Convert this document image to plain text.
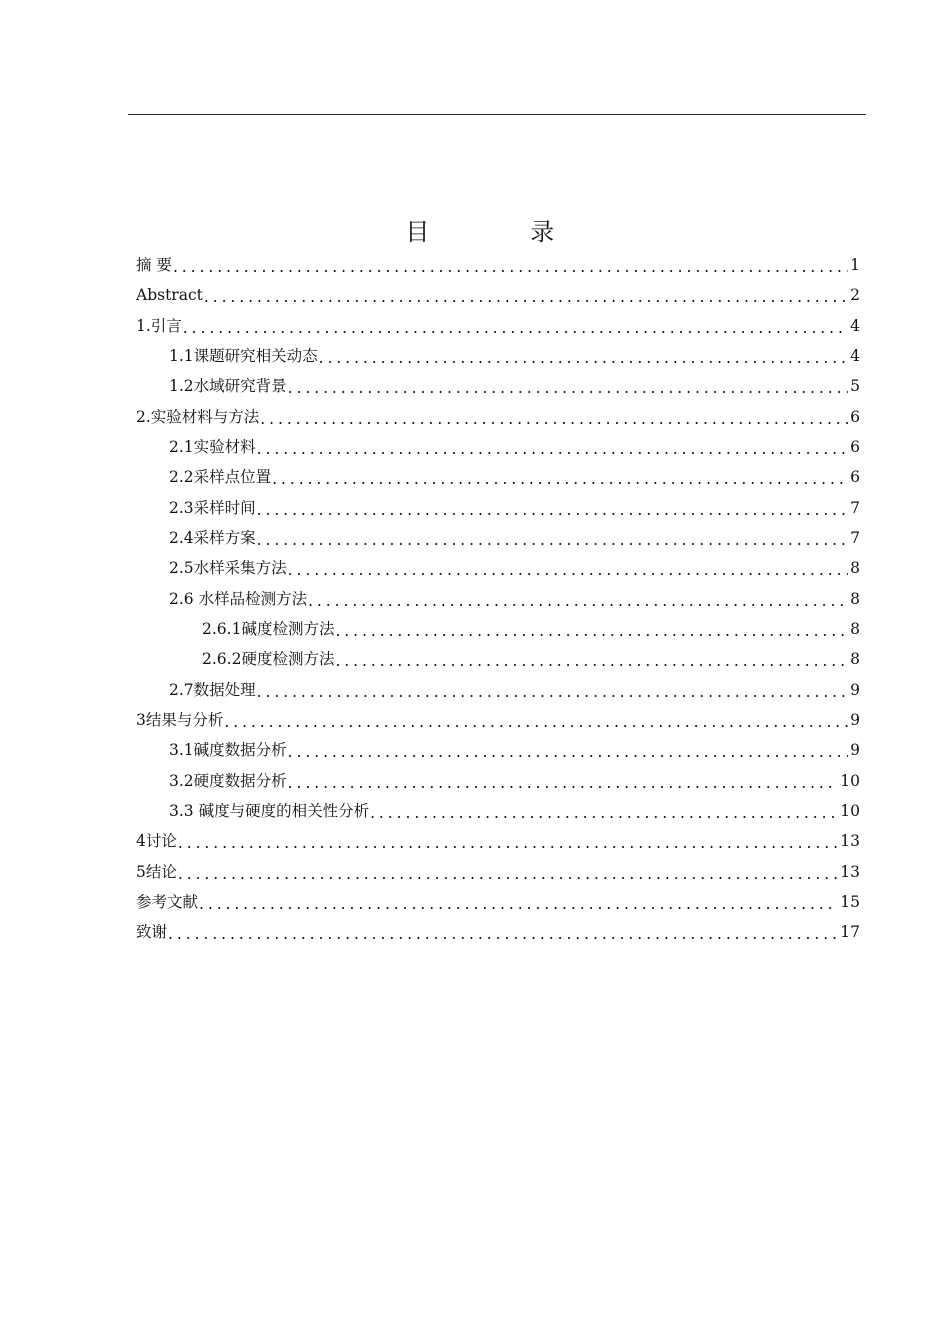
目　录
摘 要 . . .	1
Abstract . . .	2
1.引言 . . .	4
1.1课题研究相关动态 . . .	4
1.2水域研究背景 . . .	5
2.实验材料与方法 . . .	6
2.1实验材料 . . .	6
2.2采样点位置 . . .	6
2.3采样时间 . . .	7
2.4采样方案 . . .	7
2.5水样采集方法 . . .	8
2.6 水样品检测方法 . . .	8
2.6.1碱度检测方法 . . .	8
2.6.2硬度检测方法 . . .	8
2.7数据处理 . . .	9
3结果与分析 . . .	9
3.1碱度数据分析 . . .	9
3.2硬度数据分析 . . .	10
3.3 碱度与硬度的相关性分析 . . .	10
4讨论 . . .	13
5结论 . . .	13
参考文献 . . .	15
致谢 . . .	17
